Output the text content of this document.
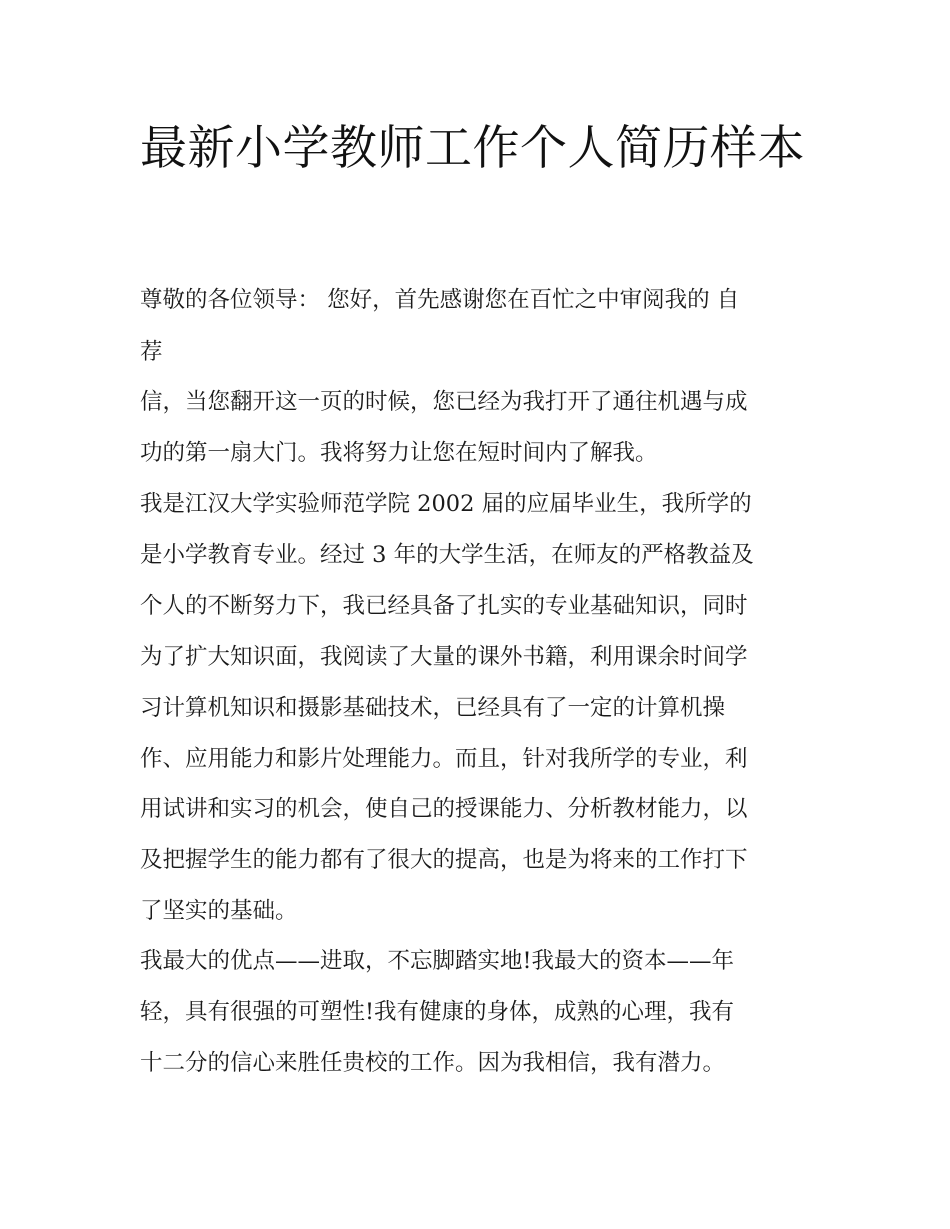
最新小学教师工作个人简历样本

尊敬的各位领导： 您好，首先感谢您在百忙之中审阅我的 自

荐

信，当您翻开这一页的时候，您已经为我打开了通往机遇与成

功的第一扇大门。我将努力让您在短时间内了解我。

我是江汉大学实验师范学院 2002 届的应届毕业生，我所学的

是小学教育专业。经过 3 年的大学生活，在师友的严格教益及

个人的不断努力下，我已经具备了扎实的专业基础知识，同时

为了扩大知识面，我阅读了大量的课外书籍，利用课余时间学

习计算机知识和摄影基础技术，已经具有了一定的计算机操

作、应用能力和影片处理能力。而且，针对我所学的专业，利

用试讲和实习的机会，使自己的授课能力、分析教材能力，以

及把握学生的能力都有了很大的提高，也是为将来的工作打下

了坚实的基础。

我最大的优点——进取，不忘脚踏实地!我最大的资本——年

轻，具有很强的可塑性!我有健康的身体，成熟的心理，我有

十二分的信心来胜任贵校的工作。因为我相信，我有潜力。
